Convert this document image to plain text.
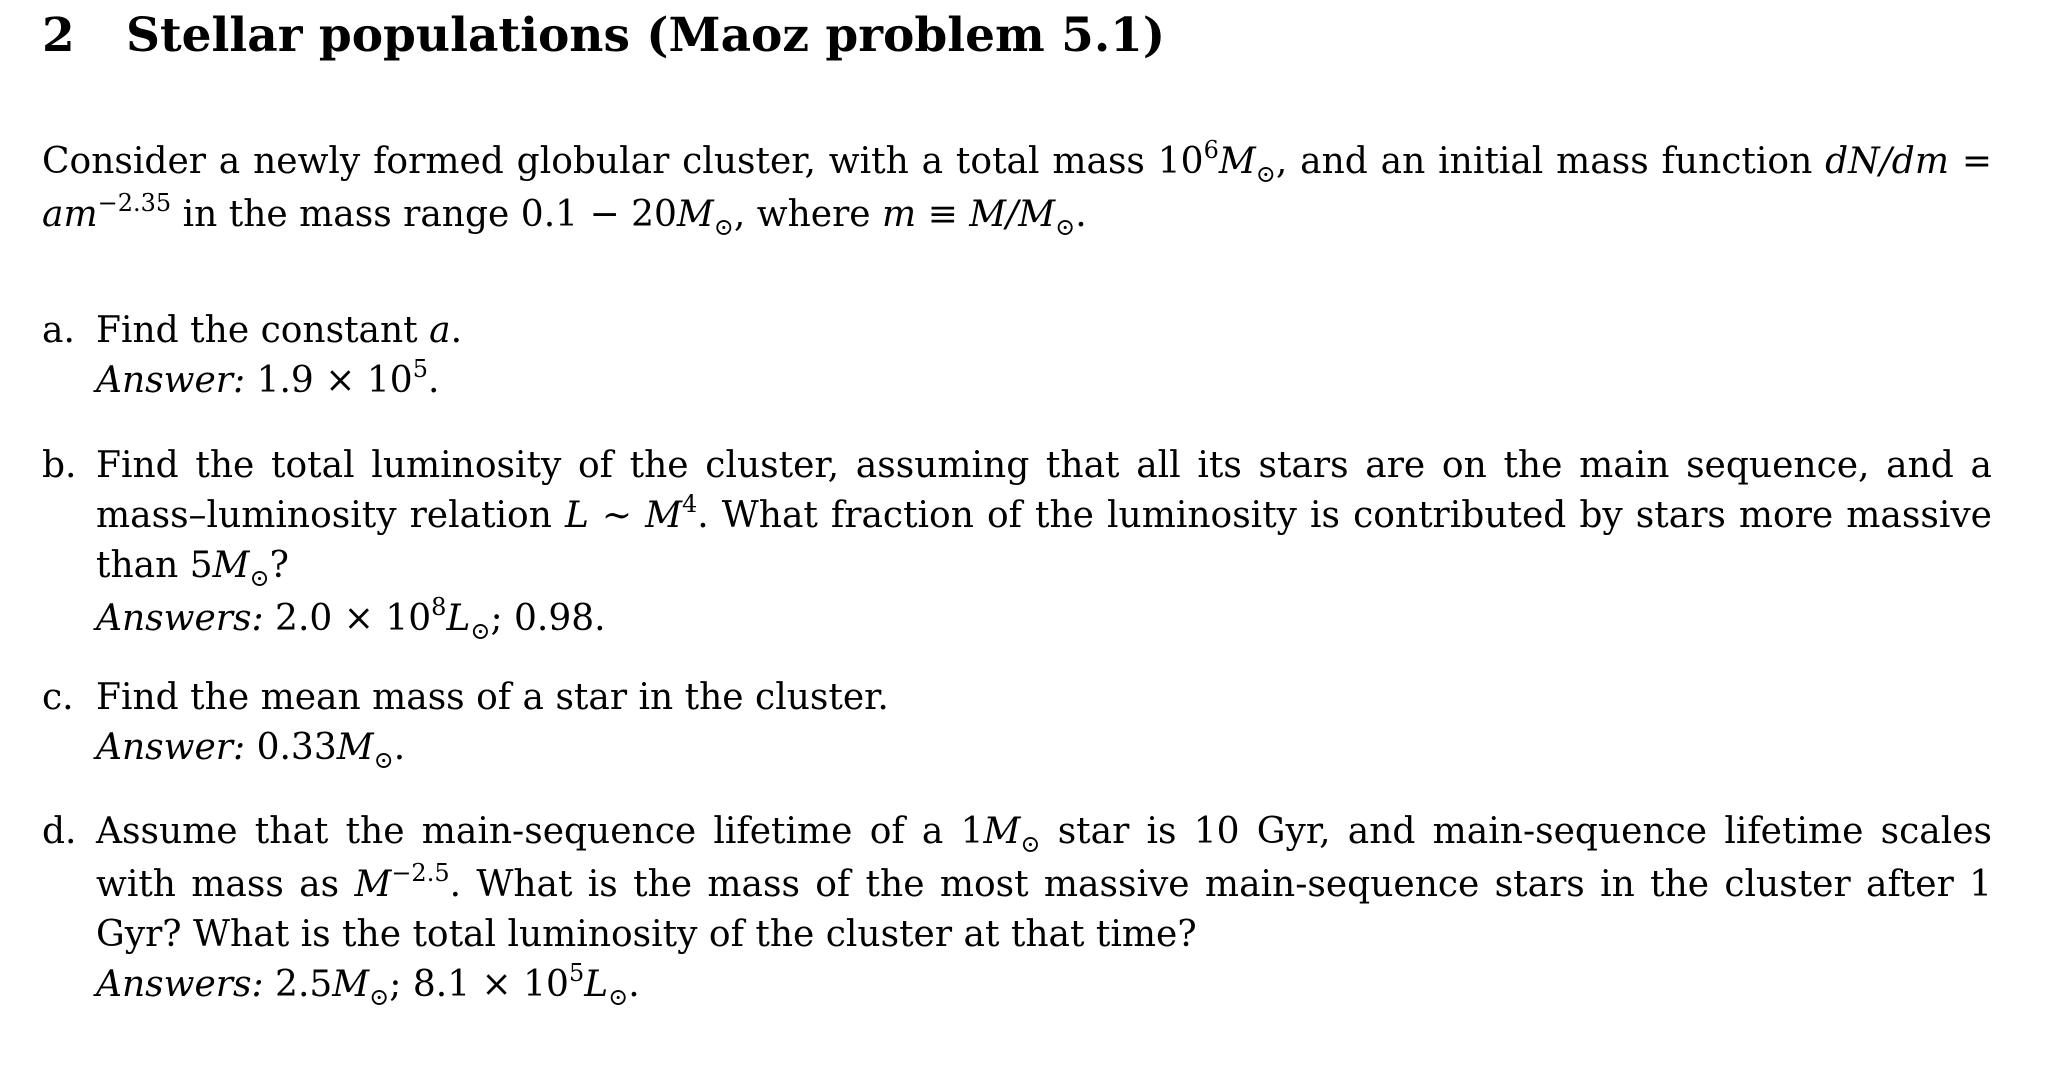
2 Stellar populations (Maoz problem 5.1)

Consider a newly formed globular cluster, with a total mass $10^6M_⊙$, and an initial mass function $dN/dm = am^{-2.35}$ in the mass range $0.1 - 20M_⊙$, where $m \equiv M/M_⊙$.

a. Find the constant a.
Answer: $1.9 \times 10^5$.
b. Find the total luminosity of the cluster, assuming that all its stars are on the main sequence, and a mass–luminosity relation L ∼ $M^4$. What fraction of the luminosity is contributed by stars more massive than $5M_⊙$?
Answers: $2.0 \times 10^8L_⊙$; 0.98.
c. Find the mean mass of a star in the cluster.
Answer: $0.33M_⊙$.
d. Assume that the main-sequence lifetime of a $1M_⊙$ star is 10 Gyr, and main-sequence lifetime scales with mass as $M^{-2.5}$. What is the mass of the most massive main-sequence stars in the cluster after 1 Gyr? What is the total luminosity of the cluster at that time?
Answers: $2.5M_⊙$; $8.1 \times 10^5L_⊙$.
